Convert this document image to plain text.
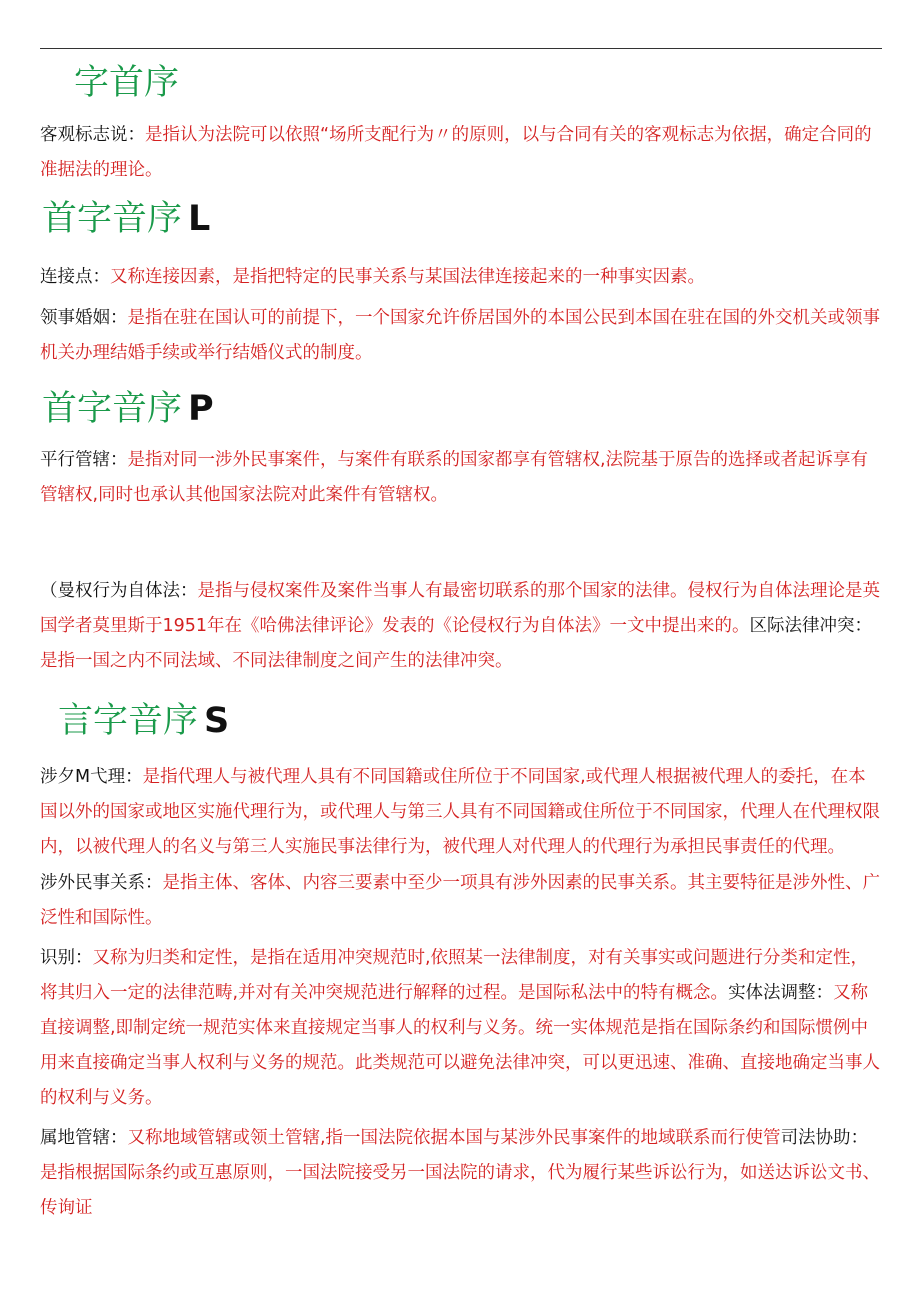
字首序

客观标志说：是指认为法院可以依照“场所支配行为〃的原则，以与合同有关的客观标志为依据，确定合同的准据法的理论。

首字音序 L

连接点：又称连接因素，是指把特定的民事关系与某国法律连接起来的一种事实因素。

领事婚姻：是指在驻在国认可的前提下，一个国家允许侨居国外的本国公民到本国在驻在国的外交机关或领事机关办理结婚手续或举行结婚仪式的制度。

首字音序 P

平行管辖：是指对同一涉外民事案件，与案件有联系的国家都享有管辖权,法院基于原告的选择或者起诉享有管辖权,同时也承认其他国家法院对此案件有管辖权。

（曼权行为自体法：是指与侵权案件及案件当事人有最密切联系的那个国家的法律。侵权行为自体法理论是英国学者莫里斯于1951年在《哈佛法律评论》发表的《论侵权行为自体法》一文中提出来的。区际法律冲突：是指一国之内不同法域、不同法律制度之间产生的法律冲突。

言字音序 S

涉夕M弋理：是指代理人与被代理人具有不同国籍或住所位于不同国家,或代理人根据被代理人的委托，在本国以外的国家或地区实施代理行为，或代理人与第三人具有不同国籍或住所位于不同国家，代理人在代理权限内，以被代理人的名义与第三人实施民事法律行为，被代理人对代理人的代理行为承担民事责任的代理。

涉外民事关系：是指主体、客体、内容三要素中至少一项具有涉外因素的民事关系。其主要特征是涉外性、广泛性和国际性。

识别：又称为归类和定性，是指在适用冲突规范时,依照某一法律制度，对有关事实或问题进行分类和定性，将其归入一定的法律范畴,并对有关冲突规范进行解释的过程。是国际私法中的特有概念。实体法调整：又称直接调整,即制定统一规范实体来直接规定当事人的权利与义务。统一实体规范是指在国际条约和国际惯例中用来直接确定当事人权利与义务的规范。此类规范可以避免法律冲突，可以更迅速、准确、直接地确定当事人的权利与义务。

属地管辖：又称地域管辖或领土管辖,指一国法院依据本国与某涉外民事案件的地域联系而行使管司法协助：是指根据国际条约或互惠原则，一国法院接受另一国法院的请求，代为履行某些诉讼行为，如送达诉讼文书、传询证
